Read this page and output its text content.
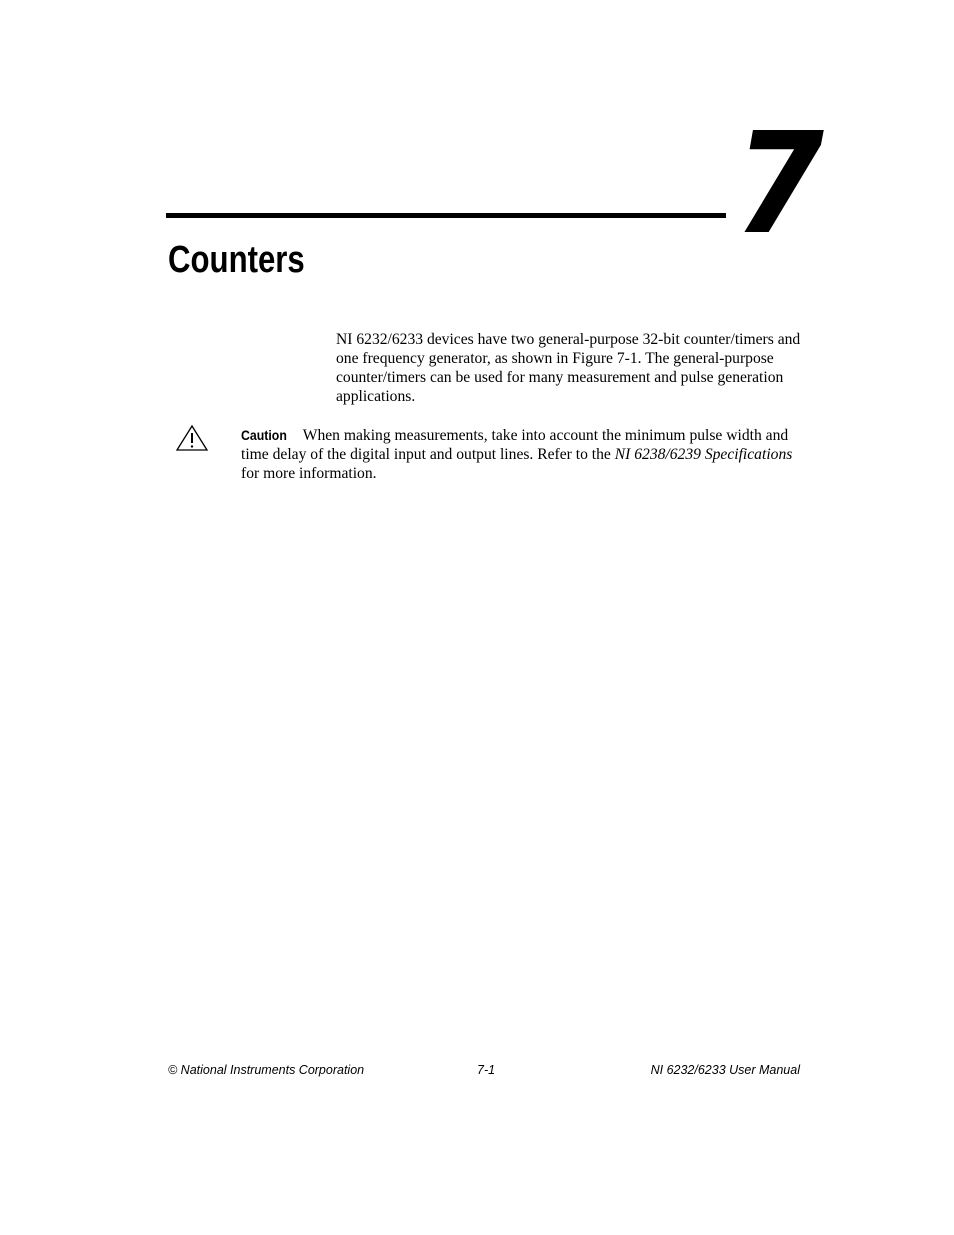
7
Counters

NI 6232/6233 devices have two general-purpose 32-bit counter/timers and one frequency generator, as shown in Figure 7-1. The general-purpose counter/timers can be used for many measurement and pulse generation applications.

Caution When making measurements, take into account the minimum pulse width and time delay of the digital input and output lines. Refer to the NI 6238/6239 Specifications for more information.

© National Instruments Corporation	7-1	NI 6232/6233 User Manual
